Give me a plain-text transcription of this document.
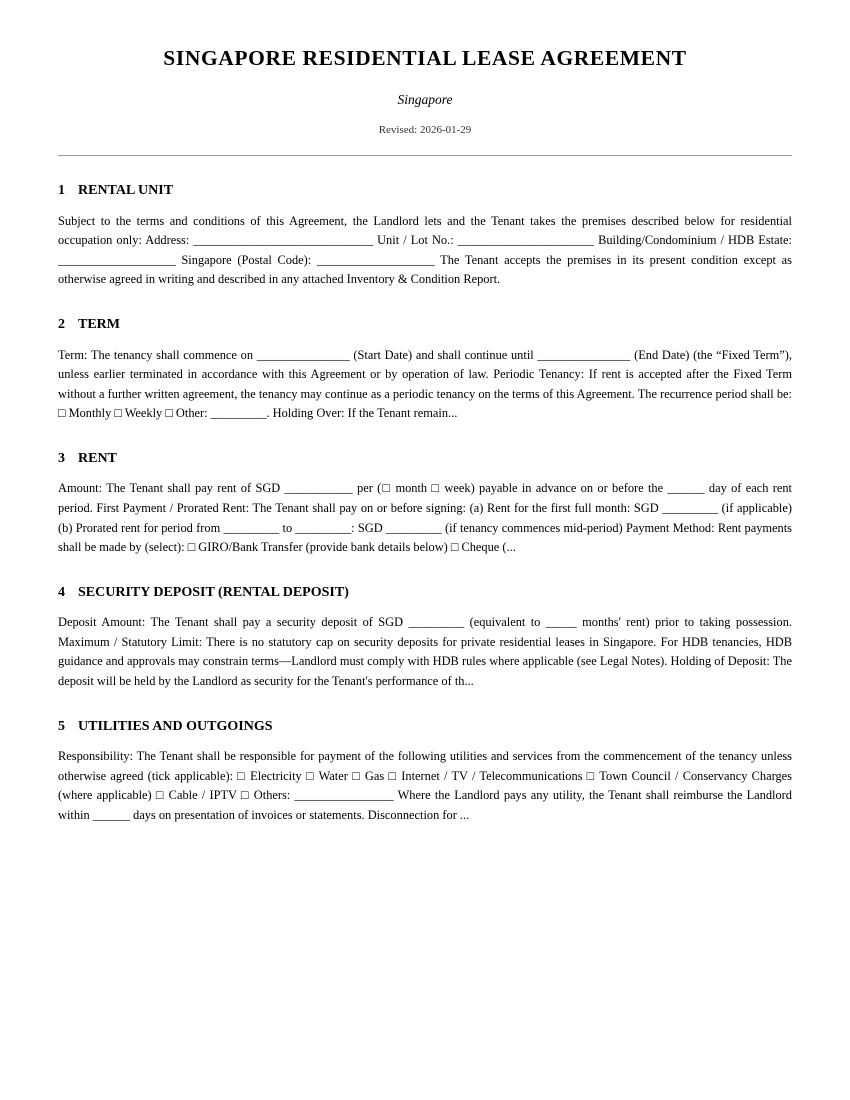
SINGAPORE RESIDENTIAL LEASE AGREEMENT
Singapore
Revised: 2026-01-29
1 RENTAL UNIT

Subject to the terms and conditions of this Agreement, the Landlord lets and the Tenant takes the premises described below for residential occupation only: Address: _____________________________ Unit / Lot No.: ______________________ Building/Condominium / HDB Estate: ___________________ Singapore (Postal Code): ___________________ The Tenant accepts the premises in its present condition except as otherwise agreed in writing and described in any attached Inventory & Condition Report.

2 TERM

Term: The tenancy shall commence on _______________ (Start Date) and shall continue until _______________ (End Date) (the “Fixed Term”), unless earlier terminated in accordance with this Agreement or by operation of law. Periodic Tenancy: If rent is accepted after the Fixed Term without a further written agreement, the tenancy may continue as a periodic tenancy on the terms of this Agreement. The recurrence period shall be: □ Monthly □ Weekly □ Other: _________. Holding Over: If the Tenant remain...

3 RENT

Amount: The Tenant shall pay rent of SGD ___________ per (□ month □ week) payable in advance on or before the ______ day of each rent period. First Payment / Prorated Rent: The Tenant shall pay on or before signing: (a) Rent for the first full month: SGD _________ (if applicable) (b) Prorated rent for period from _________ to _________: SGD _________ (if tenancy commences mid-period) Payment Method: Rent payments shall be made by (select): □ GIRO/Bank Transfer (provide bank details below) □ Cheque (...

4 SECURITY DEPOSIT (RENTAL DEPOSIT)

Deposit Amount: The Tenant shall pay a security deposit of SGD _________ (equivalent to _____ months' rent) prior to taking possession. Maximum / Statutory Limit: There is no statutory cap on security deposits for private residential leases in Singapore. For HDB tenancies, HDB guidance and approvals may constrain terms—Landlord must comply with HDB rules where applicable (see Legal Notes). Holding of Deposit: The deposit will be held by the Landlord as security for the Tenant's performance of th...

5 UTILITIES AND OUTGOINGS

Responsibility: The Tenant shall be responsible for payment of the following utilities and services from the commencement of the tenancy unless otherwise agreed (tick applicable): □ Electricity □ Water □ Gas □ Internet / TV / Telecommunications □ Town Council / Conservancy Charges (where applicable) □ Cable / IPTV □ Others: ________________ Where the Landlord pays any utility, the Tenant shall reimburse the Landlord within ______ days on presentation of invoices or statements. Disconnection for ...
